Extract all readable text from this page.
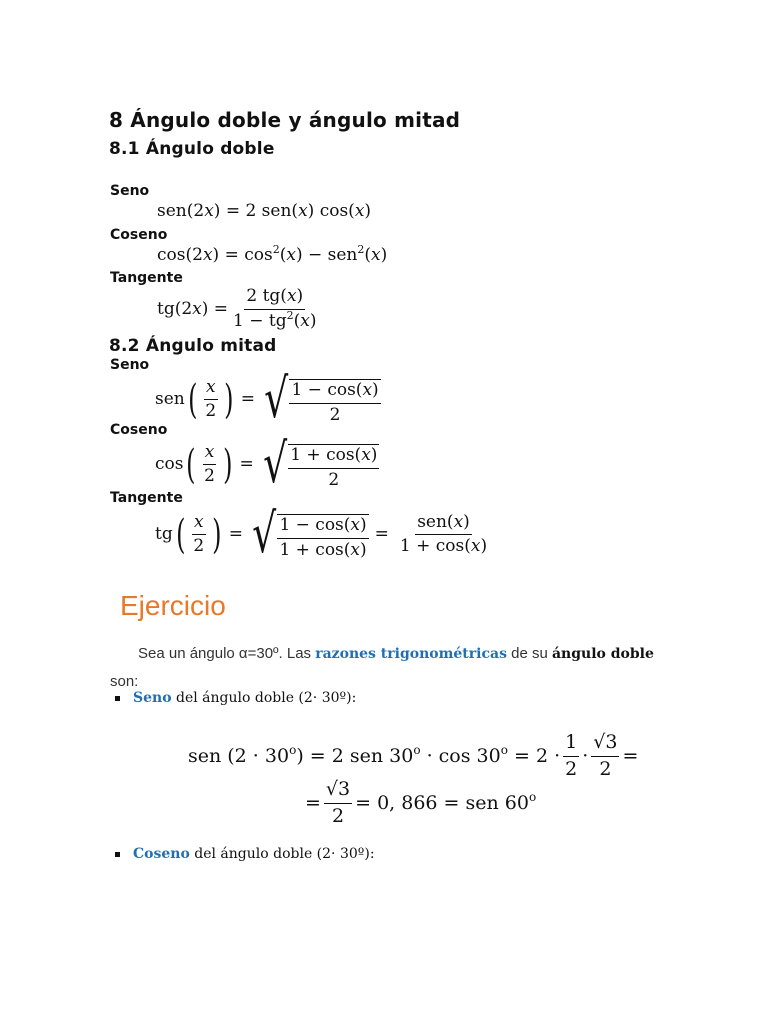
8 Ángulo doble y ángulo mitad
8.1 Ángulo doble
Seno
sen(2x) = 2 sen(x) cos(x)
Coseno
$\cos(2x) = \cos^2(x) - sen^2(x)$
Tangente
$tg(2x) = \frac{2 tg(x)}{1 - tg^2(x)}$
8.2 Ángulo mitad
Seno
sen ( $\frac{x}{2}$ ) = √ $\frac{1 - \cos(x)}{2}$
Coseno
cos ( $\frac{x}{2}$ ) = √ $\frac{1 + \cos(x)}{2}$
Tangente
tg ( $\frac{x}{2}$ ) = √ $\frac{1 - \cos(x)}{1 + \cos(x)} = \frac{\text{sen(x)}}{1 + \cos(x)}$
Ejercicio
Sea un ángulo α=30º. Las razones trigonométricas de su ángulo doble son:
Seno del ángulo doble (2· 30º):
sen $(2 \cdot 30^o) = 2$ sen $30^o \cdot \cos 30^o = 2 \cdot \frac{1}{2} \cdot \frac{√3}{2}$ =
= $\frac{√3}{2} = 0$, 866 = sen 60$^o$
Coseno del ángulo doble (2· 30º):
